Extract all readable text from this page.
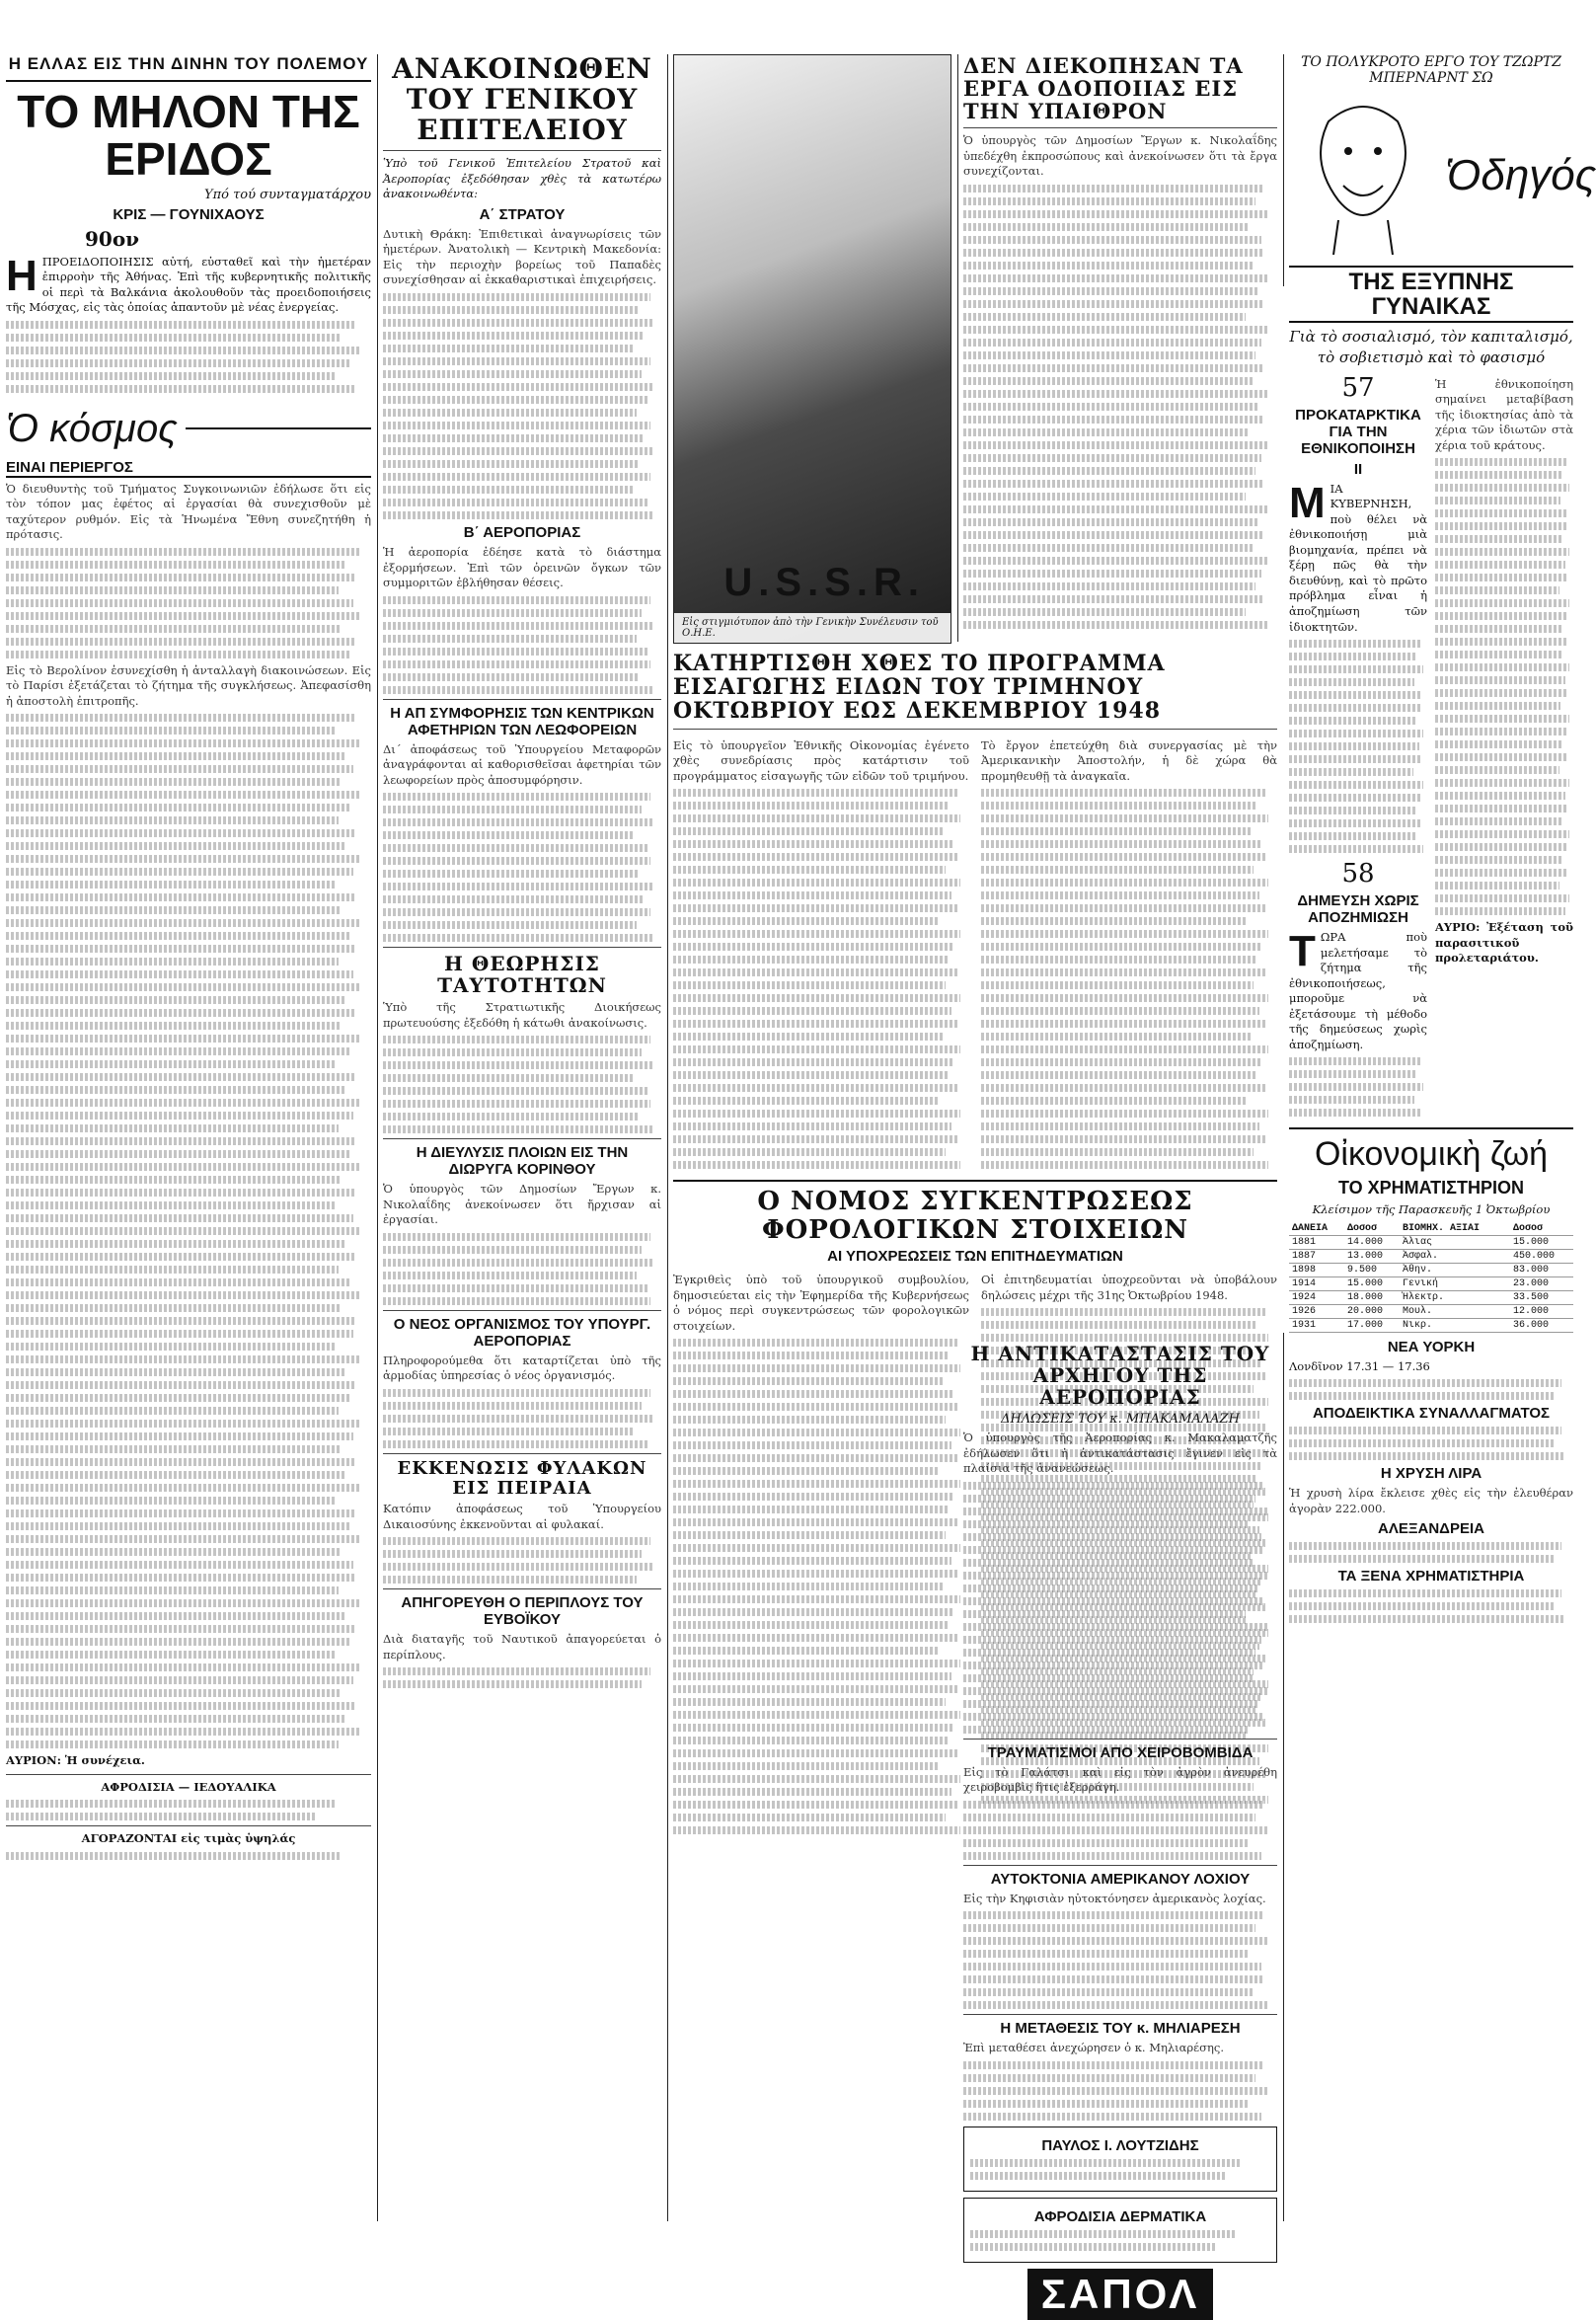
Η ΕΛΛΑΣ ΕΙΣ ΤΗΝ ΔΙΝΗΝ ΤΟΥ ΠΟΛΕΜΟΥ
ΤΟ ΜΗΛΟΝ ΤΗΣ ΕΡΙΔΟΣ
Υπό τού συνταγματάρχου
ΚΡΙΣ — ΓΟΥΝΙΧΑΟΥΣ
90ον
ΗΠΡΟΕΙΔΟΠΟΙΗΣΙΣ αὐτή, εὐσταθεῖ καὶ τὴν ἡμετέραν ἐπιρροὴν τῆς Ἀθήνας. Ἐπὶ τῆς κυβερνητικῆς πολιτικῆς οἱ περὶ τὰ Βαλκάνια ἀκολουθοῦν τὰς προειδοποιήσεις τῆς Μόσχας, εἰς τὰς ὁποίας ἀπαντοῦν μὲ νέας ἐνεργείας.
Ὁ κόσμος
ΕΙΝΑΙ ΠΕΡΙΕΡΓΟΣ
Ὁ διευθυντὴς τοῦ Τμήματος Συγκοινωνιῶν ἐδήλωσε ὅτι εἰς τὸν τόπον μας ἐφέτος αἱ ἐργασίαι θὰ συνεχισθοῦν μὲ ταχύτερον ρυθμόν. Εἰς τὰ Ἡνωμένα Ἔθνη συνεζητήθη ἡ πρότασις.
Εἰς τὸ Βερολίνον ἐσυνεχίσθη ἡ ἀνταλλαγὴ διακοινώσεων. Εἰς τὸ Παρίσι ἐξετάζεται τὸ ζήτημα τῆς συγκλήσεως. Ἀπεφασίσθη ἡ ἀποστολὴ ἐπιτροπῆς.
ΑΥΡΙΟΝ: Ἡ συνέχεια.
ΑΦΡΟΔΙΣΙΑ — ΙΕΔΟΥΑΛΙΚΑ
ΑΓΟΡΑΖΟΝΤΑΙ εἰς τιμὰς ὑψηλάς
ΑΝΑΚΟΙΝΩΘΕΝ ΤΟΥ ΓΕΝΙΚΟΥ ΕΠΙΤΕΛΕΙΟΥ
Ὑπὸ τοῦ Γενικοῦ Ἐπιτελείου Στρατοῦ καὶ Ἀεροπορίας ἐξεδόθησαν χθὲς τὰ κατωτέρω ἀνακοινωθέντα:
Α΄ ΣΤΡΑΤΟΥ
Δυτικὴ Θράκη: Ἐπιθετικαὶ ἀναγνωρίσεις τῶν ἡμετέρων. Ἀνατολικὴ — Κεντρικὴ Μακεδονία: Εἰς τὴν περιοχὴν βορείως τοῦ Παπαδὲς συνεχίσθησαν αἱ ἐκκαθαριστικαὶ ἐπιχειρήσεις.
Β΄ ΑΕΡΟΠΟΡΙΑΣ
Ἡ ἀεροπορία ἐδέησε κατὰ τὸ διάστημα ἐξορμήσεων. Ἐπὶ τῶν ὀρεινῶν ὄγκων τῶν συμμοριτῶν ἐβλήθησαν θέσεις.
Η ΑΠ ΣΥΜΦΟΡΗΣΙΣ ΤΩΝ ΚΕΝΤΡΙΚΩΝ ΑΦΕΤΗΡΙΩΝ ΤΩΝ ΛΕΩΦΟΡΕΙΩΝ
Δι΄ ἀποφάσεως τοῦ Ὑπουργείου Μεταφορῶν ἀναγράφονται αἱ καθορισθεῖσαι ἀφετηρίαι τῶν λεωφορείων πρὸς ἀποσυμφόρησιν.
Η ΘΕΩΡΗΣΙΣ ΤΑΥΤΟΤΗΤΩΝ
Ὑπὸ τῆς Στρατιωτικῆς Διοικήσεως πρωτευούσης ἐξεδόθη ἡ κάτωθι ἀνακοίνωσις.
Η ΔΙΕΥΛΥΣΙΣ ΠΛΟΙΩΝ ΕΙΣ ΤΗΝ ΔΙΩΡΥΓΑ ΚΟΡΙΝΘΟΥ
Ὁ ὑπουργὸς τῶν Δημοσίων Ἔργων κ. Νικολαΐδης ἀνεκοίνωσεν ὅτι ἤρχισαν αἱ ἐργασίαι.
Ο ΝΕΟΣ ΟΡΓΑΝΙΣΜΟΣ ΤΟΥ ΥΠΟΥΡΓ. ΑΕΡΟΠΟΡΙΑΣ
Πληροφορούμεθα ὅτι καταρτίζεται ὑπὸ τῆς ἁρμοδίας ὑπηρεσίας ὁ νέος ὀργανισμός.
ΕΚΚΕΝΩΣΙΣ ΦΥΛΑΚΩΝ ΕΙΣ ΠΕΙΡΑΙΑ
Κατόπιν ἀποφάσεως τοῦ Ὑπουργείου Δικαιοσύνης ἐκκενοῦνται αἱ φυλακαί.
ΑΠΗΓΟΡΕΥΘΗ Ο ΠΕΡΙΠΛΟΥΣ ΤΟΥ ΕΥΒΟΪΚΟΥ
Διὰ διαταγῆς τοῦ Ναυτικοῦ ἀπαγορεύεται ὁ περίπλους.
U.S.S.R.
Εἰς στιγμιότυπον ἀπὸ τὴν Γενικὴν Συνέλευσιν τοῦ Ο.Η.Ε.
ΚΑΤΗΡΤΙΣΘΗ ΧΘΕΣ ΤΟ ΠΡΟΓΡΑΜΜΑ ΕΙΣΑΓΩΓΗΣ ΕΙΔΩΝ ΤΟΥ ΤΡΙΜΗΝΟΥ ΟΚΤΩΒΡΙΟΥ ΕΩΣ ΔΕΚΕΜΒΡΙΟΥ 1948
Εἰς τὸ ὑπουργεῖον Ἐθνικῆς Οἰκονομίας ἐγένετο χθὲς συνεδρίασις πρὸς κατάρτισιν τοῦ προγράμματος εἰσαγωγῆς τῶν εἰδῶν τοῦ τριμήνου.
Τὸ ἔργον ἐπετεύχθη διὰ συνεργασίας μὲ τὴν Ἀμερικανικὴν Ἀποστολήν, ἡ δὲ χώρα θὰ προμηθευθῇ τὰ ἀναγκαῖα.
Ο ΝΟΜΟΣ ΣΥΓΚΕΝΤΡΩΣΕΩΣ ΦΟΡΟΛΟΓΙΚΩΝ ΣΤΟΙΧΕΙΩΝ
ΑΙ ΥΠΟΧΡΕΩΣΕΙΣ ΤΩΝ ΕΠΙΤΗΔΕΥΜΑΤΙΩΝ
Ἐγκριθεὶς ὑπὸ τοῦ ὑπουργικοῦ συμβουλίου, δημοσιεύεται εἰς τὴν Ἐφημερίδα τῆς Κυβερνήσεως ὁ νόμος περὶ συγκεντρώσεως τῶν φορολογικῶν στοιχείων.
Οἱ ἐπιτηδευματίαι ὑποχρεοῦνται νὰ ὑποβάλουν δηλώσεις μέχρι τῆς 31ης Ὀκτωβρίου 1948.
ΔΕΝ ΔΙΕΚΟΠΗΣΑΝ ΤΑ ΕΡΓΑ ΟΔΟΠΟΙΙΑΣ ΕΙΣ ΤΗΝ ΥΠΑΙΘΡΟΝ
Ὁ ὑπουργὸς τῶν Δημοσίων Ἔργων κ. Νικολαΐδης ὑπεδέχθη ἐκπροσώπους καὶ ἀνεκοίνωσεν ὅτι τὰ ἔργα συνεχίζονται.
Η ΑΝΤΙΚΑΤΑΣΤΑΣΙΣ ΤΟΥ ΑΡΧΗΓΟΥ ΤΗΣ ΑΕΡΟΠΟΡΙΑΣ
ΔΗΛΩΣΕΙΣ ΤΟΥ κ. ΜΠΑΚΑΜΑΛΑΖΗ
Ὁ ὑπουργὸς τῆς Ἀεροπορίας κ. Μακαλαματζῆς ἐδήλωσεν ὅτι ἡ ἀντικατάστασις ἔγινεν εἰς τὰ πλαίσια τῆς ἀνανεώσεως.
ΤΡΑΥΜΑΤΙΣΜΟΙ ΑΠΟ ΧΕΙΡΟΒΟΜΒΙΔΑ
Εἰς τὸ Γαλάτσι καὶ εἰς τὸν ἀγρὸν ἀνευρέθη χειροβομβὶς ἥτις ἐξερράγη.
ΑΥΤΟΚΤΟΝΙΑ ΑΜΕΡΙΚΑΝΟΥ ΛΟΧΙΟΥ
Εἰς τὴν Κηφισιὰν ηὐτοκτόνησεν ἀμερικανὸς λοχίας.
Η ΜΕΤΑΘΕΣΙΣ ΤΟΥ κ. ΜΗΛΙΑΡΕΣΗ
Ἐπὶ μεταθέσει ἀνεχώρησεν ὁ κ. Μηλιαρέσης.
ΠΑΥΛΟΣ Ι. ΛΟΥΤΖΙΔΗΣ
ΑΦΡΟΔΙΣΙΑ ΔΕΡΜΑΤΙΚΑ
ΣΑΠΟΛ
ΤΟ ΠΟΛΥΚΡΟΤΟ ΕΡΓΟ ΤΟΥ ΤΖΩΡΤΖ ΜΠΕΡΝΑΡΝΤ ΣΩ
Ὁδηγός
ΤΗΣ ΕΞΥΠΝΗΣ ΓΥΝΑΙΚΑΣ
Γιὰ τὸ σοσιαλισμό, τὸν καπιταλισμό, τὸ σοβιετισμὸ καὶ τὸ φασισμό
57
ΠΡΟΚΑΤΑΡΚΤΙΚΑ ΓΙΑ ΤΗΝ ΕΘΝΙΚΟΠΟΙΗΣΗ
ΙΙ
ΜΙΑ ΚΥΒΕΡΝΗΣΗ, ποὺ θέλει νὰ ἐθνικοποιήσῃ μιὰ βιομηχανία, πρέπει νὰ ξέρῃ πῶς θὰ τὴν διευθύνῃ, καὶ τὸ πρῶτο πρόβλημα εἶναι ἡ ἀποζημίωση τῶν ἰδιοκτητῶν.
58
ΔΗΜΕΥΣΗ ΧΩΡΙΣ ΑΠΟΖΗΜΙΩΣΗ
ΤΩΡΑ ποὺ μελετήσαμε τὸ ζήτημα τῆς ἐθνικοποιήσεως, μποροῦμε νὰ ἐξετάσουμε τὴ μέθοδο τῆς δημεύσεως χωρὶς ἀποζημίωση.
Ἡ ἐθνικοποίηση σημαίνει μεταβίβαση τῆς ἰδιοκτησίας ἀπὸ τὰ χέρια τῶν ἰδιωτῶν στὰ χέρια τοῦ κράτους.
ΑΥΡΙΟ: Ἐξέταση τοῦ παρασιτικοῦ προλεταριάτου.
Οἰκονομικὴ ζωή
ΤΟ ΧΡΗΜΑΤΙΣΤΗΡΙΟΝ
Κλείσιμον τῆς Παρασκευῆς 1 Ὀκτωβρίου
ΔΑΝΕΙΑ	Δοσοσ	ΒΙΟΜΗΧ. ΑΞΙΑΙ	Δοσοσ
1881	14.000	Ἀλιας	15.000
1887	13.000	Ἀσφαλ.	450.000
1898	9.500	Ἀθην.	83.000
1914	15.000	Γενική	23.000
1924	18.000	Ἠλεκτρ.	33.500
1926	20.000	Μουλ.	12.000
1931	17.000	Νικρ.	36.000
ΝΕΑ ΥΟΡΚΗ
Λονδῖνον 17.31 — 17.36
ΑΠΟΔΕΙΚΤΙΚΑ ΣΥΝΑΛΛΑΓΜΑΤΟΣ
Η ΧΡΥΣΗ ΛΙΡΑ
Ἡ χρυσὴ λίρα ἔκλεισε χθὲς εἰς τὴν ἐλευθέραν ἀγορὰν 222.000.
ΑΛΕΞΑΝΔΡΕΙΑ
ΤΑ ΞΕΝΑ ΧΡΗΜΑΤΙΣΤΗΡΙΑ
